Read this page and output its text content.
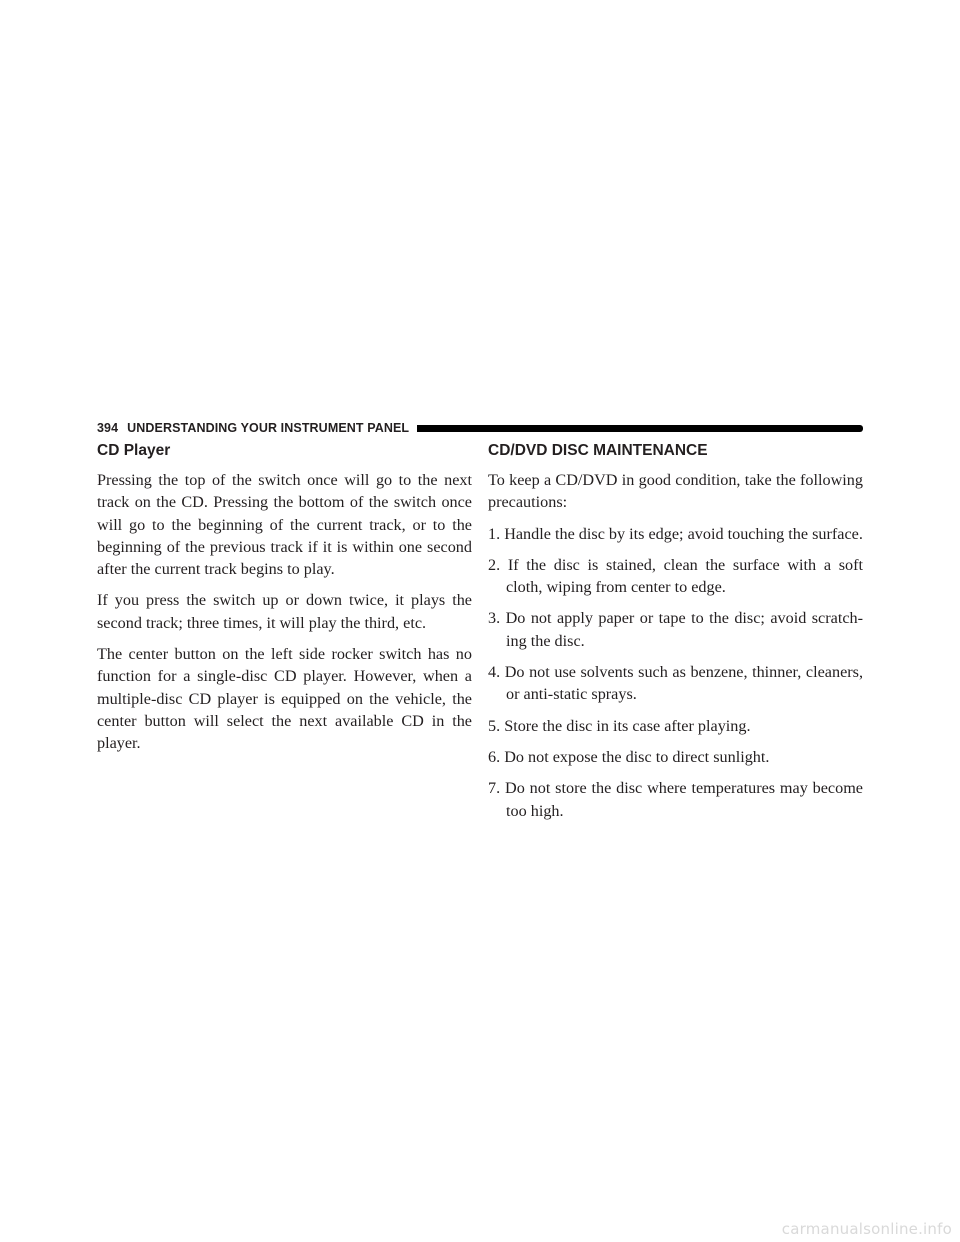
394 UNDERSTANDING YOUR INSTRUMENT PANEL
CD Player

Pressing the top of the switch once will go to the next track on the CD. Pressing the bottom of the switch once will go to the beginning of the current track, or to the beginning of the previous track if it is within one second after the current track begins to play.

If you press the switch up or down twice, it plays the second track; three times, it will play the third, etc.

The center button on the left side rocker switch has no function for a single-disc CD player. However, when a multiple-disc CD player is equipped on the vehicle, the center button will select the next available CD in the player.

CD/DVD DISC MAINTENANCE

To keep a CD/DVD in good condition, take the following precautions:

1. Handle the disc by its edge; avoid touching the surface.
2. If the disc is stained, clean the surface with a soft cloth, wiping from center to edge.
3. Do not apply paper or tape to the disc; avoid scratch-ing the disc.
4. Do not use solvents such as benzene, thinner, cleaners, or anti-static sprays.
5. Store the disc in its case after playing.
6. Do not expose the disc to direct sunlight.
7. Do not store the disc where temperatures may become too high.
carmanualsonline.info
